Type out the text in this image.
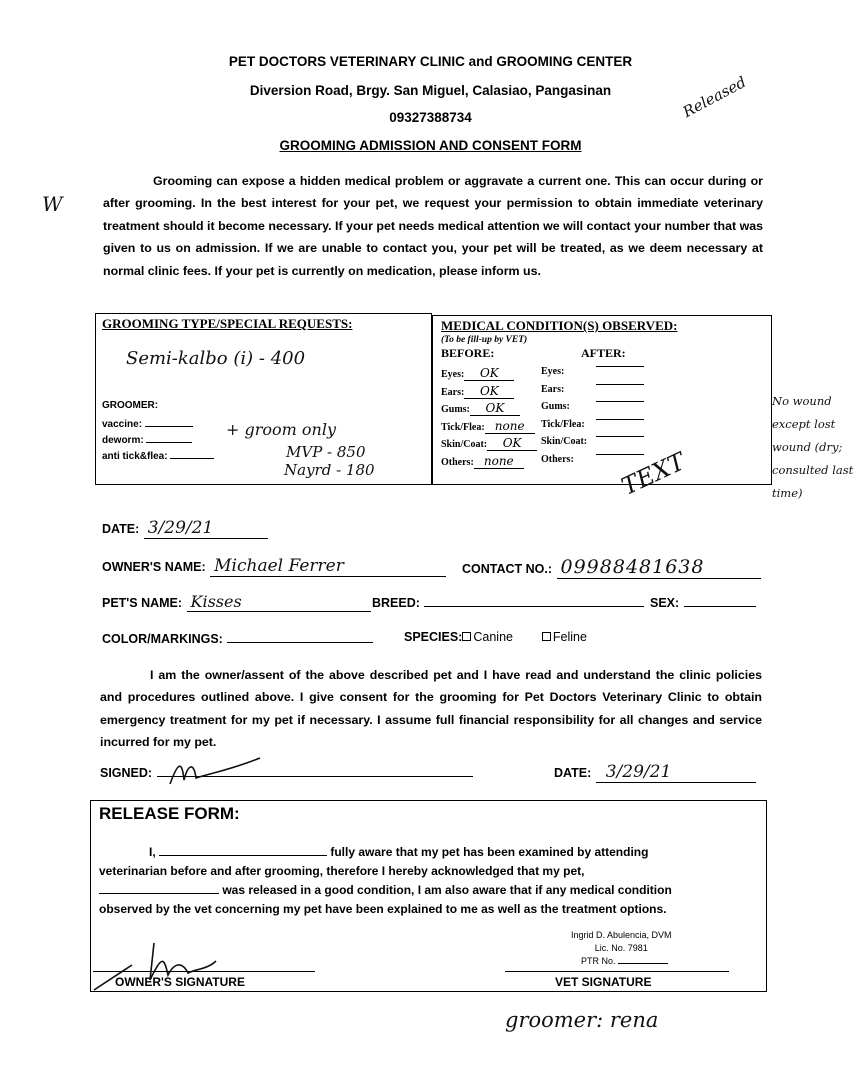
PET DOCTORS VETERINARY CLINIC and GROOMING CENTER
Diversion Road, Brgy. San Miguel, Calasiao, Pangasinan
09327388734
GROOMING ADMISSION AND CONSENT FORM
Released
W
Grooming can expose a hidden medical problem or aggravate a current one. This can occur during or after grooming. In the best interest for your pet, we request your permission to obtain immediate veterinary treatment should it become necessary. If your pet needs medical attention we will contact your number that was given to us on admission. If we are unable to contact you, your pet will be treated, as we deem necessary at normal clinic fees. If your pet is currently on medication, please inform us.
GROOMING TYPE/SPECIAL REQUESTS:
Semi-kalbo (i) - 400
GROOMER:
vaccine:
deworm:
anti tick&flea:
+ groom only
MVP - 850
Nayrd - 180
MEDICAL CONDITION(S) OBSERVED:
(To be fill-up by VET)
BEFORE:	AFTER:
Eyes: OK	Eyes:
Ears: OK	Ears:
Gums: OK	Gums:
Tick/Flea: none Tick/Flea:
Skin/Coat: OK Skin/Coat:
Others: none	Others:
No wound except lost wound (dry; consulted last time)
TEXT
DATE: 3/29/21
OWNER'S NAME: Michael Ferrer	CONTACT NO.: 09988481638
PET'S NAME: Kisses	BREED:	SEX:
COLOR/MARKINGS:	SPECIES: Canine	Feline
I am the owner/assent of the above described pet and I have read and understand the clinic policies and procedures outlined above. I give consent for the grooming for Pet Doctors Veterinary Clinic to obtain emergency treatment for my pet if necessary. I assume full financial responsibility for all changes and service incurred for my pet.
SIGNED:	DATE: 3/29/21
RELEASE FORM:
I,	fully aware that my pet has been examined by attending
veterinarian before and after grooming, therefore I hereby acknowledged that my pet,
was released in a good condition, I am also aware that if any medical condition
observed by the vet concerning my pet have been explained to me as well as the treatment options.
Ingrid D. Abulencia, DVM
Lic. No. 7981
PTR No.
OWNER'S SIGNATURE	VET SIGNATURE
groomer: rena
